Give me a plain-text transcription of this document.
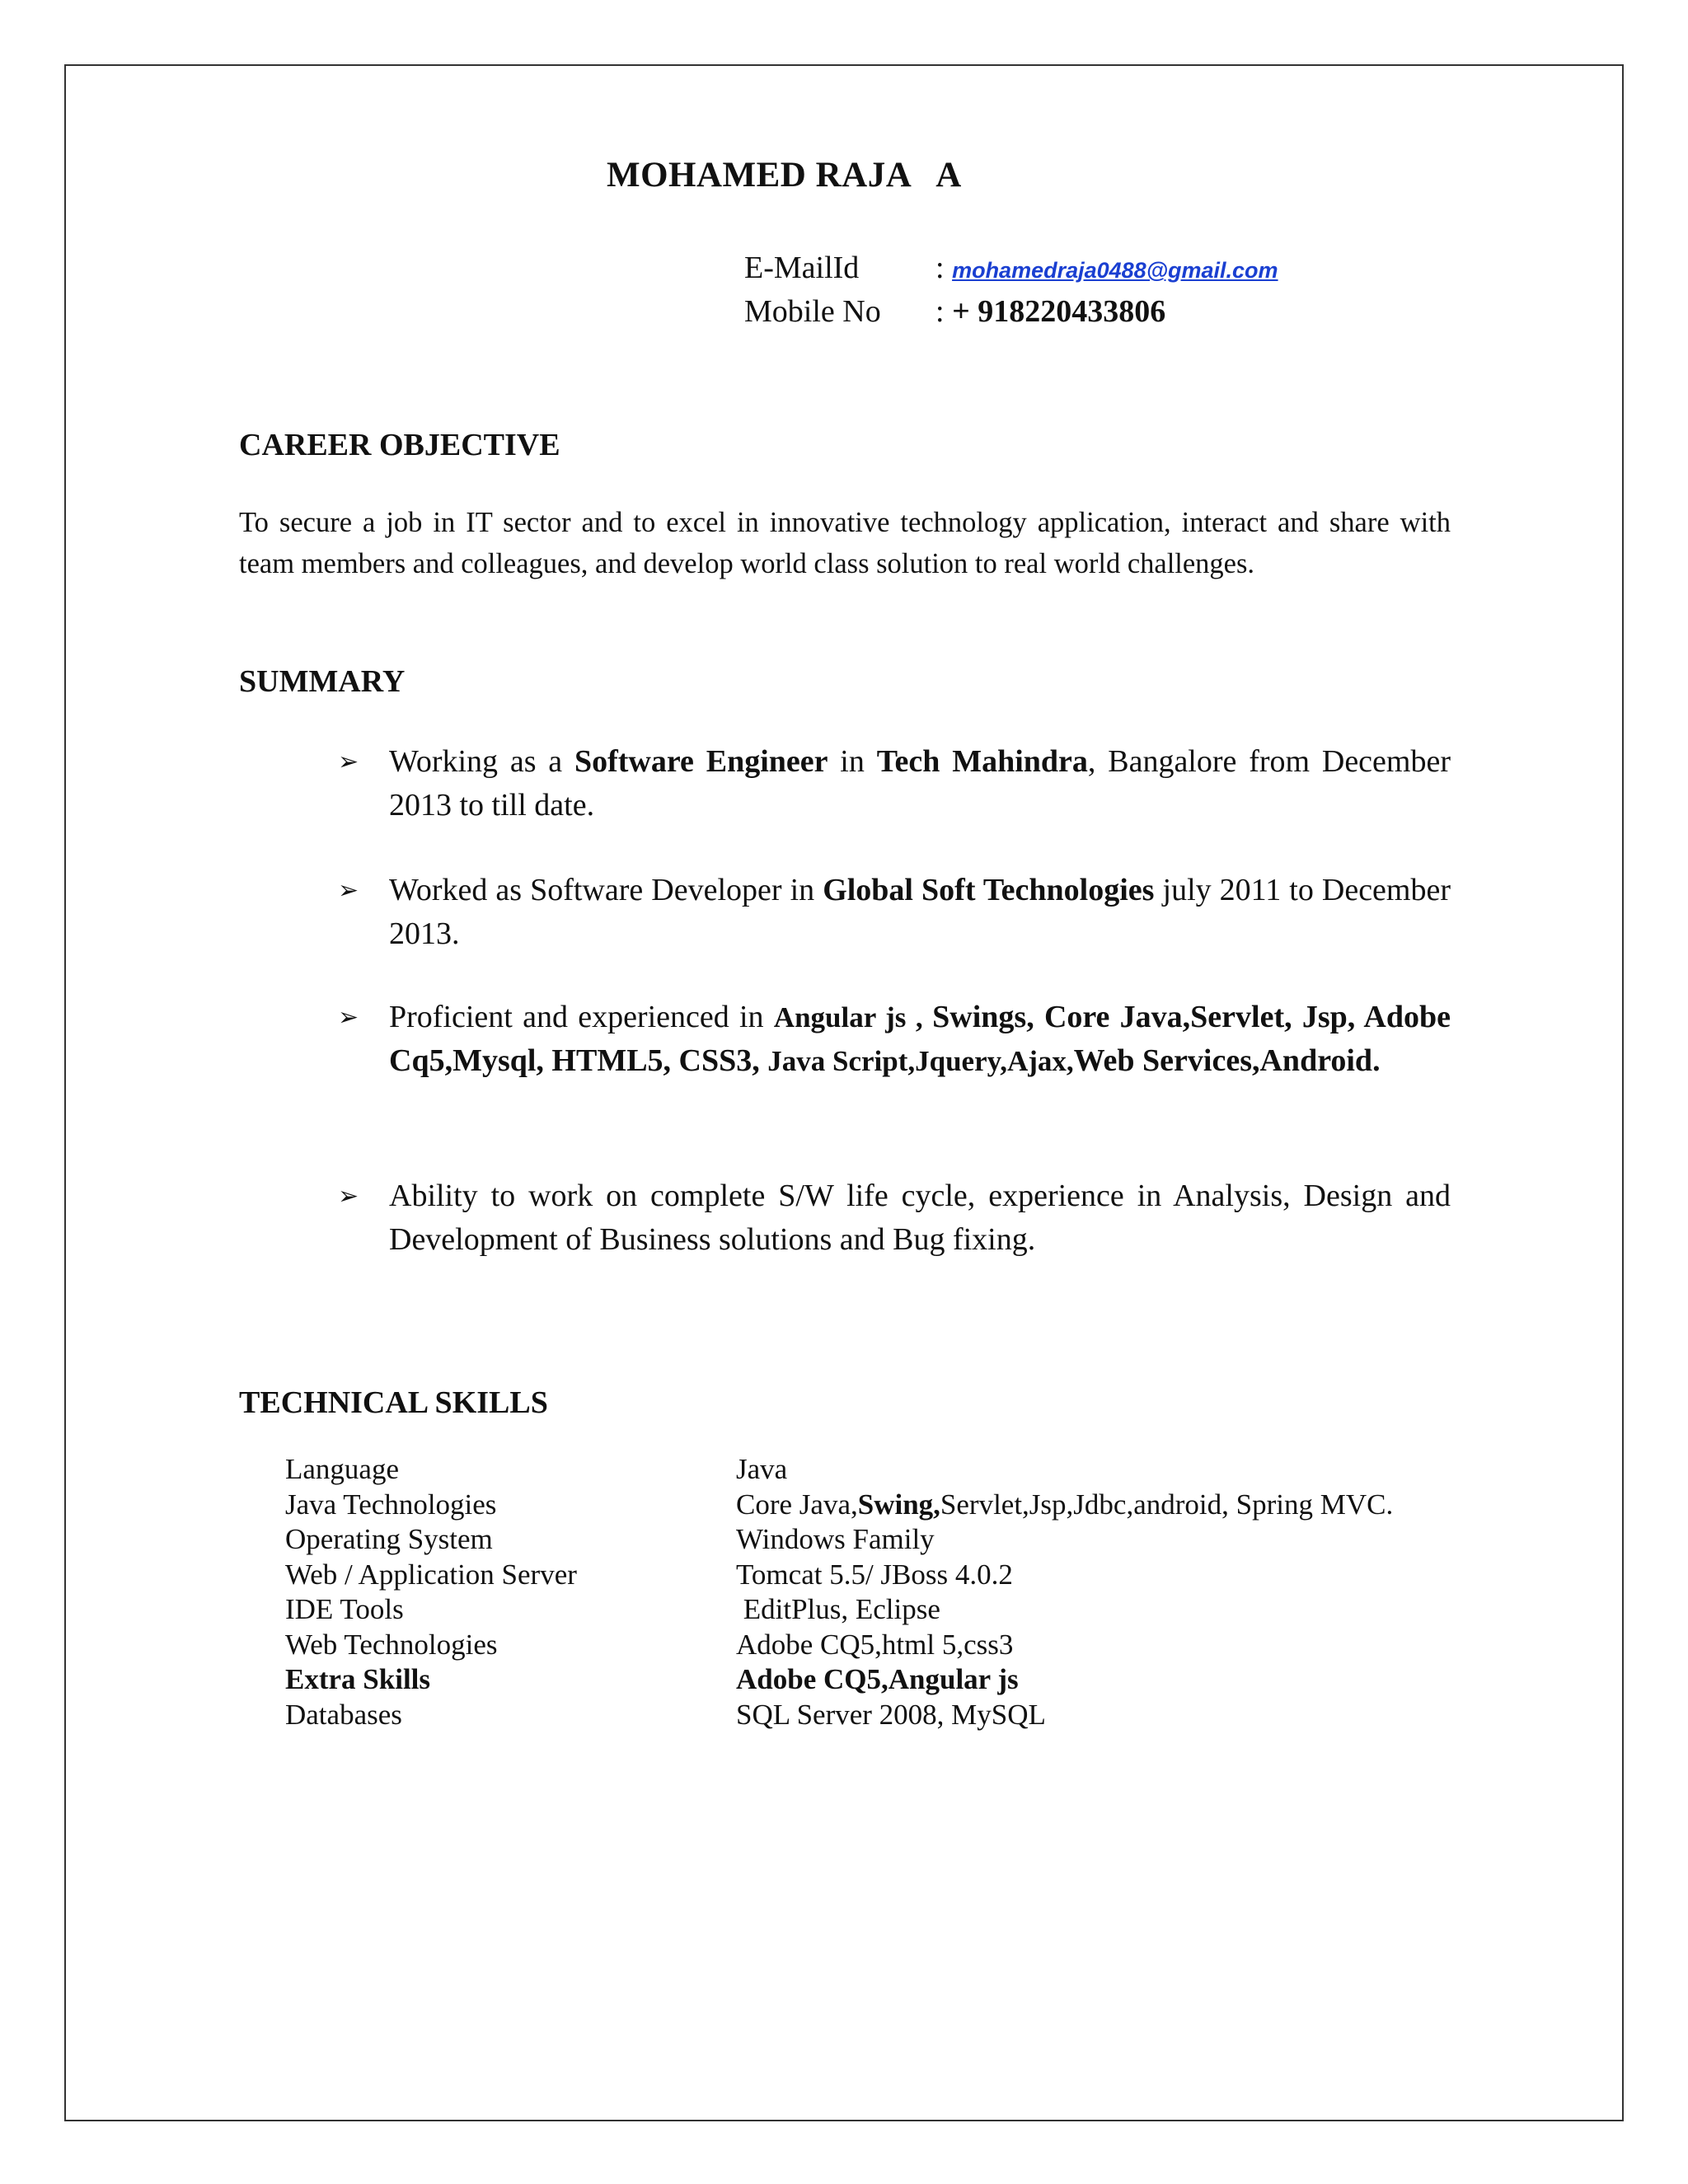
MOHAMED RAJA   A
E-MailId : mohamedraja0488@gmail.com
Mobile No : + 918220433806
CAREER OBJECTIVE
To secure a job in IT sector and to excel in innovative technology application, interact and share with team members and colleagues, and develop world class solution to real world challenges.
SUMMARY
➢ Working as a Software Engineer in Tech Mahindra, Bangalore from December 2013 to till date.
➢ Worked as Software Developer in Global Soft Technologies july 2011 to December 2013.
➢ Proficient and experienced in Angular js , Swings, Core Java,Servlet, Jsp, Adobe Cq5,Mysql, HTML5, CSS3, Java Script,Jquery,Ajax,Web Services,Android.
➢ Ability to work on complete S/W life cycle, experience in Analysis, Design and Development of Business solutions and Bug fixing.
TECHNICAL SKILLS
Language	Java
Java Technologies	Core Java,Swing,Servlet,Jsp,Jdbc,android, Spring MVC.
Operating System	Windows Family
Web / Application Server	Tomcat 5.5/ JBoss 4.0.2
IDE Tools	EditPlus, Eclipse
Web Technologies	Adobe CQ5,html 5,css3
Extra Skills	Adobe CQ5,Angular js
Databases	SQL Server 2008, MySQL
